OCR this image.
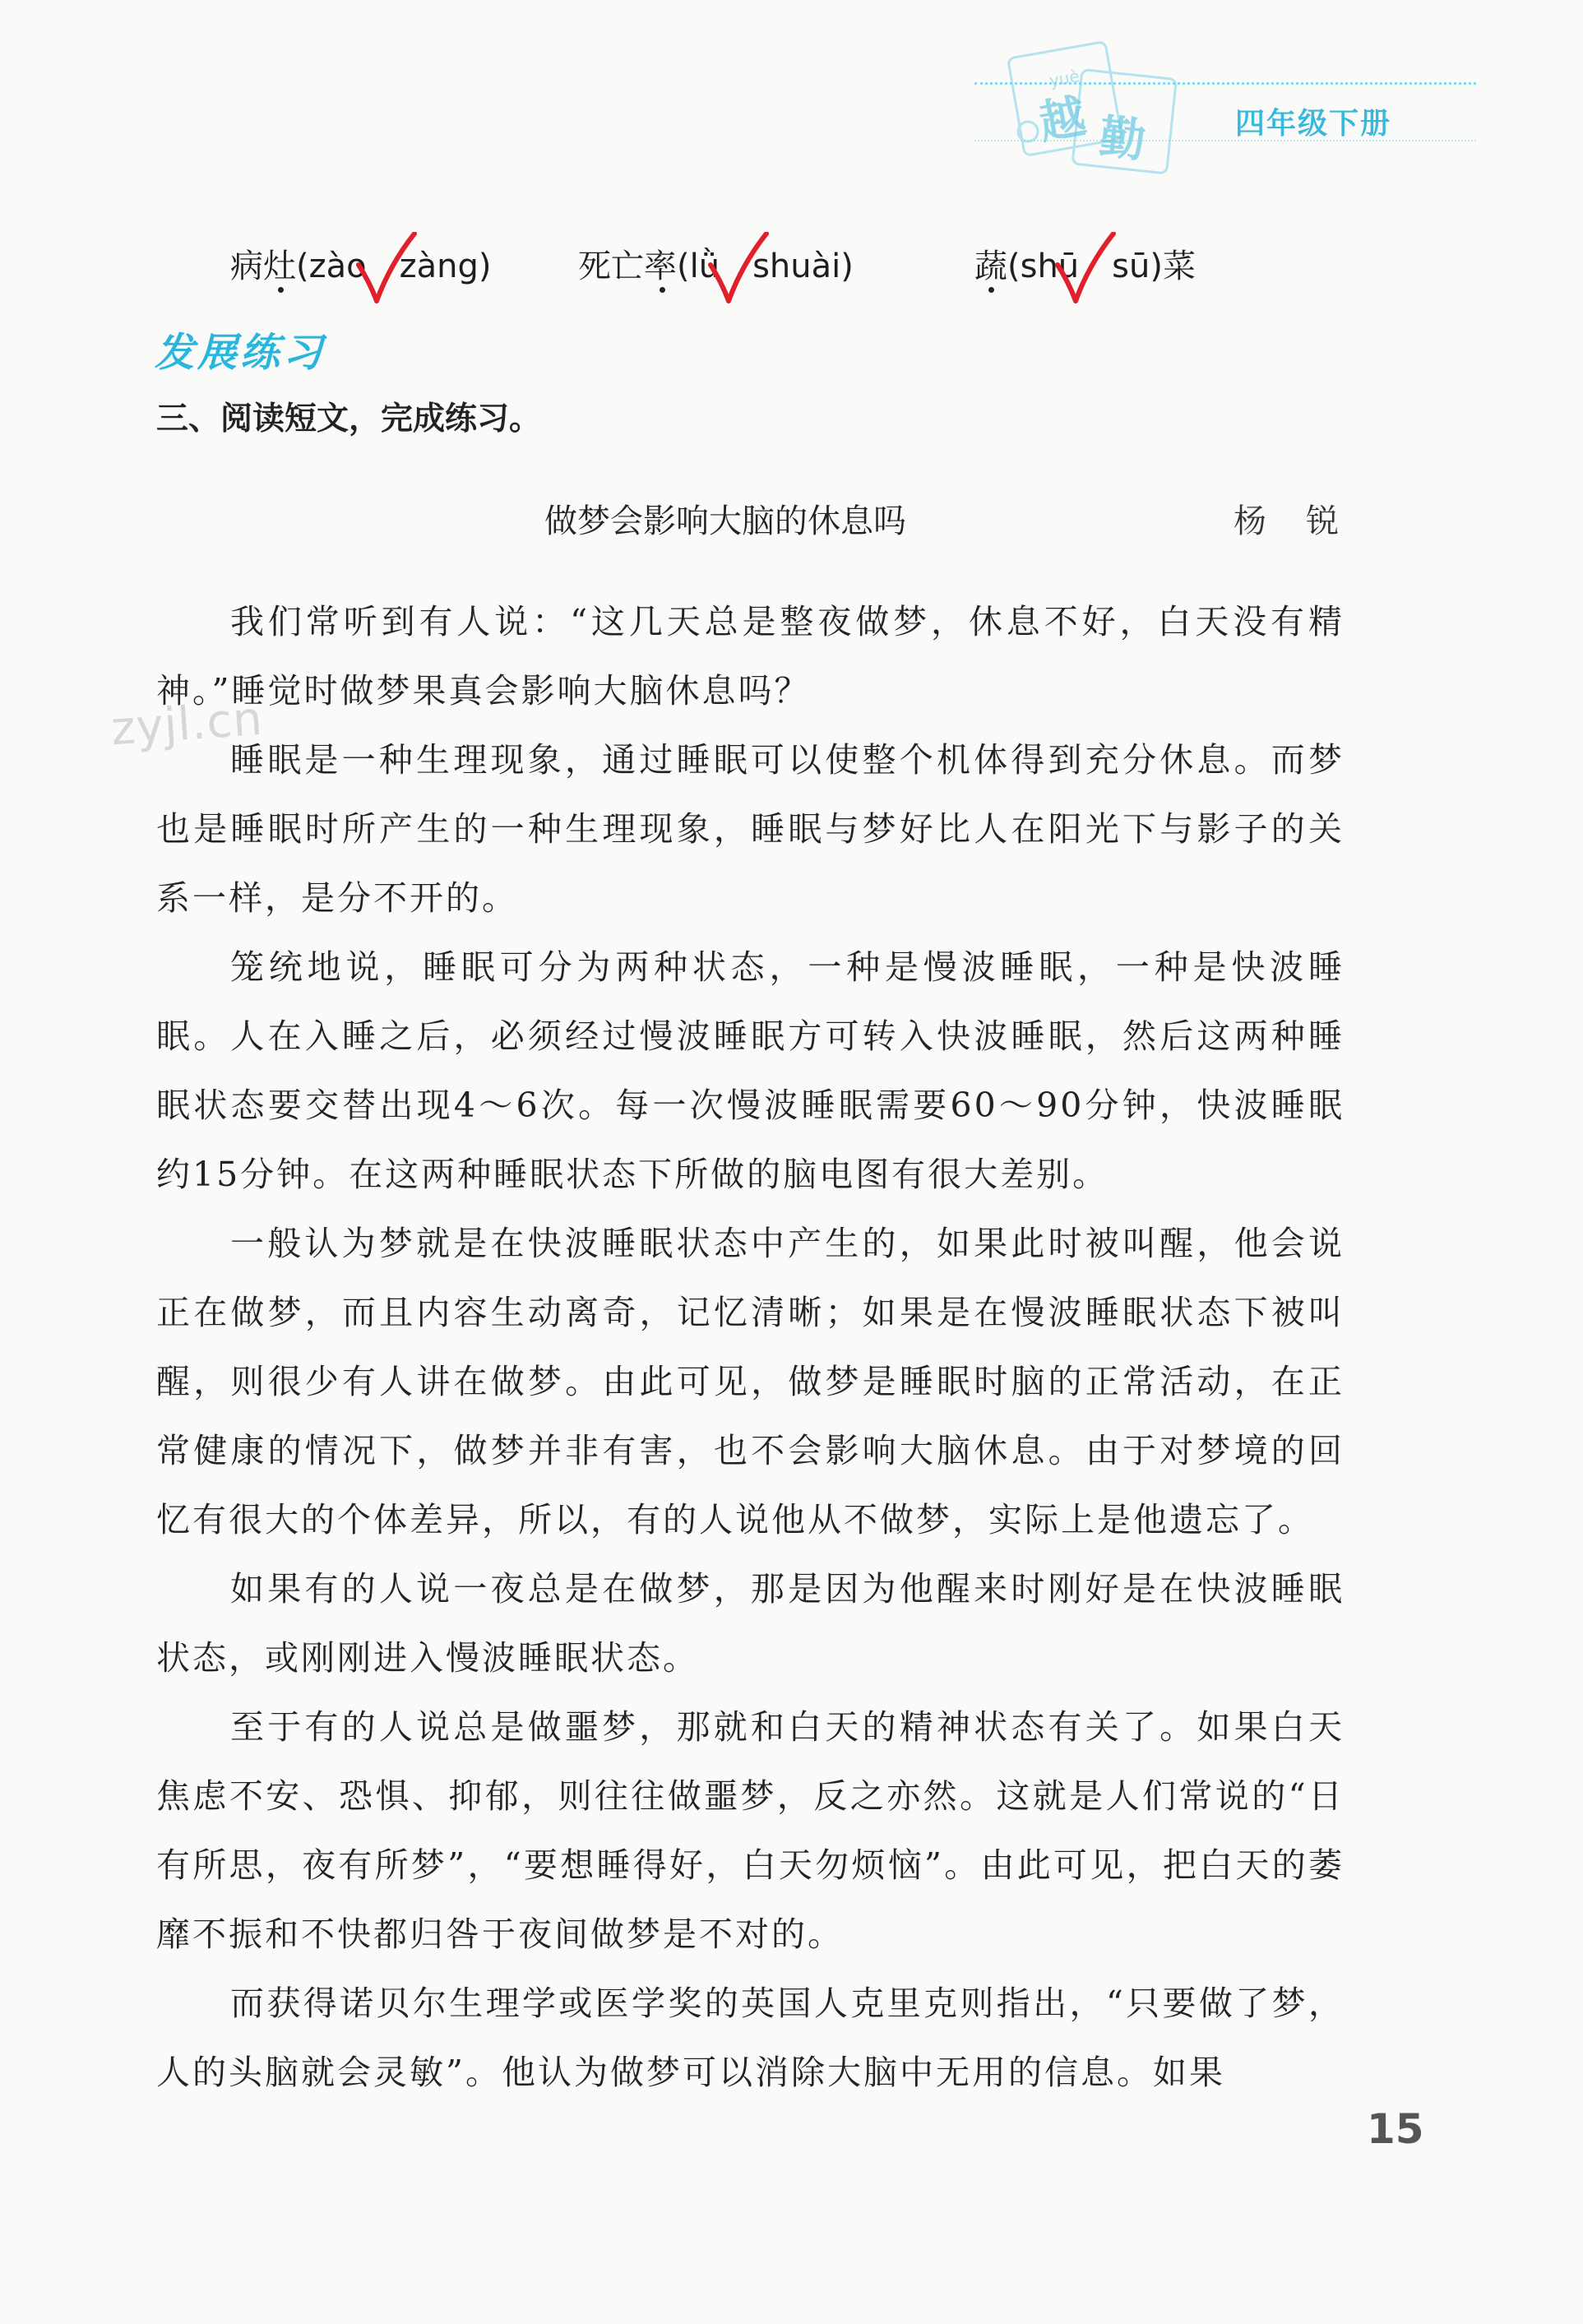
yuè
越 勤	四年级下册
病灶(zào　zàng)	死亡率(lǜ　shuài)	蔬(shū　sū)菜
发展练习
三、阅读短文，完成练习。
做梦会影响大脑的休息吗	杨锐
zyjl.cn
我们常听到有人说：“这几天总是整夜做梦，休息不好，白天没有精神。”睡觉时做梦果真会影响大脑休息吗？
睡眠是一种生理现象，通过睡眠可以使整个机体得到充分休息。而梦也是睡眠时所产生的一种生理现象，睡眠与梦好比人在阳光下与影子的关系一样，是分不开的。
笼统地说，睡眠可分为两种状态，一种是慢波睡眠，一种是快波睡眠。人在入睡之后，必须经过慢波睡眠方可转入快波睡眠，然后这两种睡眠状态要交替出现4～6次。每一次慢波睡眠需要60～90分钟，快波睡眠约15分钟。在这两种睡眠状态下所做的脑电图有很大差别。
一般认为梦就是在快波睡眠状态中产生的，如果此时被叫醒，他会说正在做梦，而且内容生动离奇，记忆清晰；如果是在慢波睡眠状态下被叫醒，则很少有人讲在做梦。由此可见，做梦是睡眠时脑的正常活动，在正常健康的情况下，做梦并非有害，也不会影响大脑休息。由于对梦境的回忆有很大的个体差异，所以，有的人说他从不做梦，实际上是他遗忘了。
如果有的人说一夜总是在做梦，那是因为他醒来时刚好是在快波睡眠状态，或刚刚进入慢波睡眠状态。
至于有的人说总是做噩梦，那就和白天的精神状态有关了。如果白天焦虑不安、恐惧、抑郁，则往往做噩梦，反之亦然。这就是人们常说的“日有所思，夜有所梦”，“要想睡得好，白天勿烦恼”。由此可见，把白天的萎靡不振和不快都归咎于夜间做梦是不对的。
而获得诺贝尔生理学或医学奖的英国人克里克则指出，“只要做了梦，人的头脑就会灵敏”。他认为做梦可以消除大脑中无用的信息。如果
15
